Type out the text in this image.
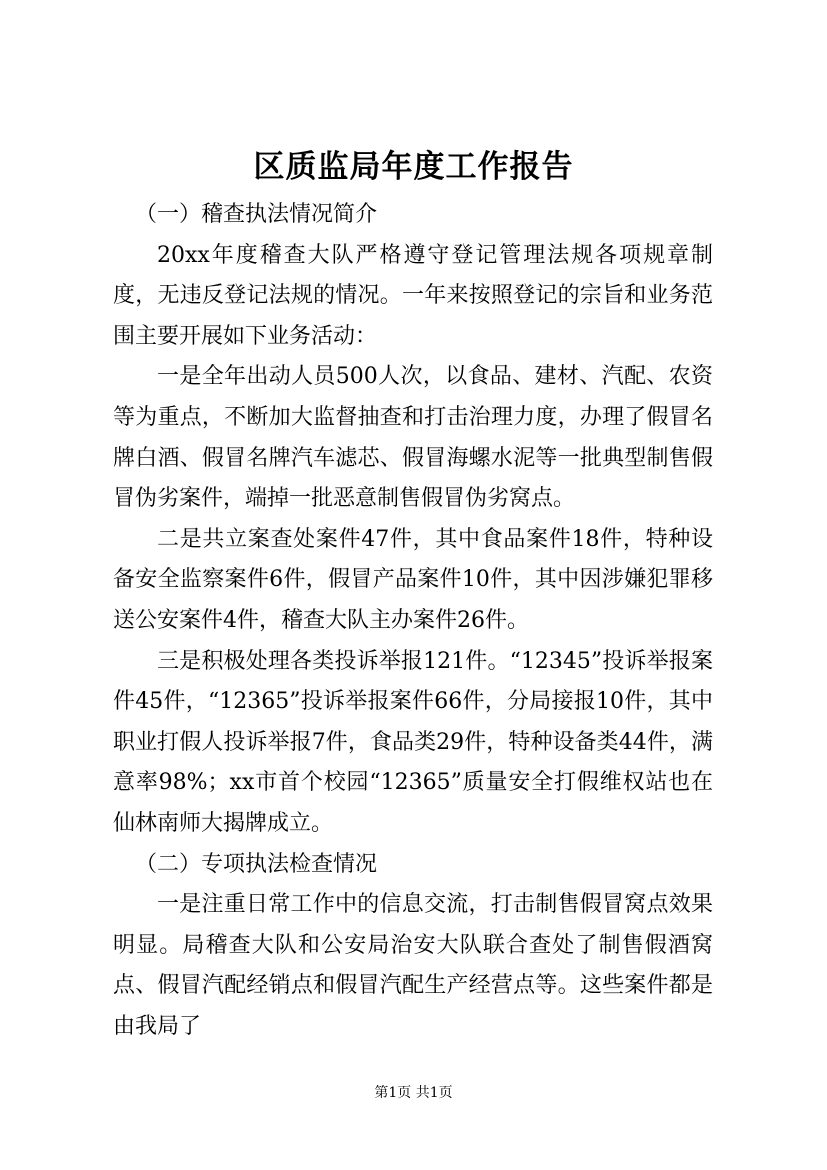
区质监局年度工作报告

（一）稽查执法情况简介

20xx年度稽查大队严格遵守登记管理法规各项规章制度，无违反登记法规的情况。一年来按照登记的宗旨和业务范围主要开展如下业务活动：

一是全年出动人员500人次，以食品、建材、汽配、农资等为重点，不断加大监督抽查和打击治理力度，办理了假冒名牌白酒、假冒名牌汽车滤芯、假冒海螺水泥等一批典型制售假冒伪劣案件，端掉一批恶意制售假冒伪劣窝点。

二是共立案查处案件47件，其中食品案件18件，特种设备安全监察案件6件，假冒产品案件10件，其中因涉嫌犯罪移送公安案件4件，稽查大队主办案件26件。

三是积极处理各类投诉举报121件。“12345”投诉举报案件45件，“12365”投诉举报案件66件，分局接报10件，其中职业打假人投诉举报7件，食品类29件，特种设备类44件，满意率98%；xx市首个校园“12365”质量安全打假维权站也在仙林南师大揭牌成立。

（二）专项执法检查情况

一是注重日常工作中的信息交流，打击制售假冒窝点效果明显。局稽查大队和公安局治安大队联合查处了制售假酒窝点、假冒汽配经销点和假冒汽配生产经营点等。这些案件都是由我局了

第1页 共1页
